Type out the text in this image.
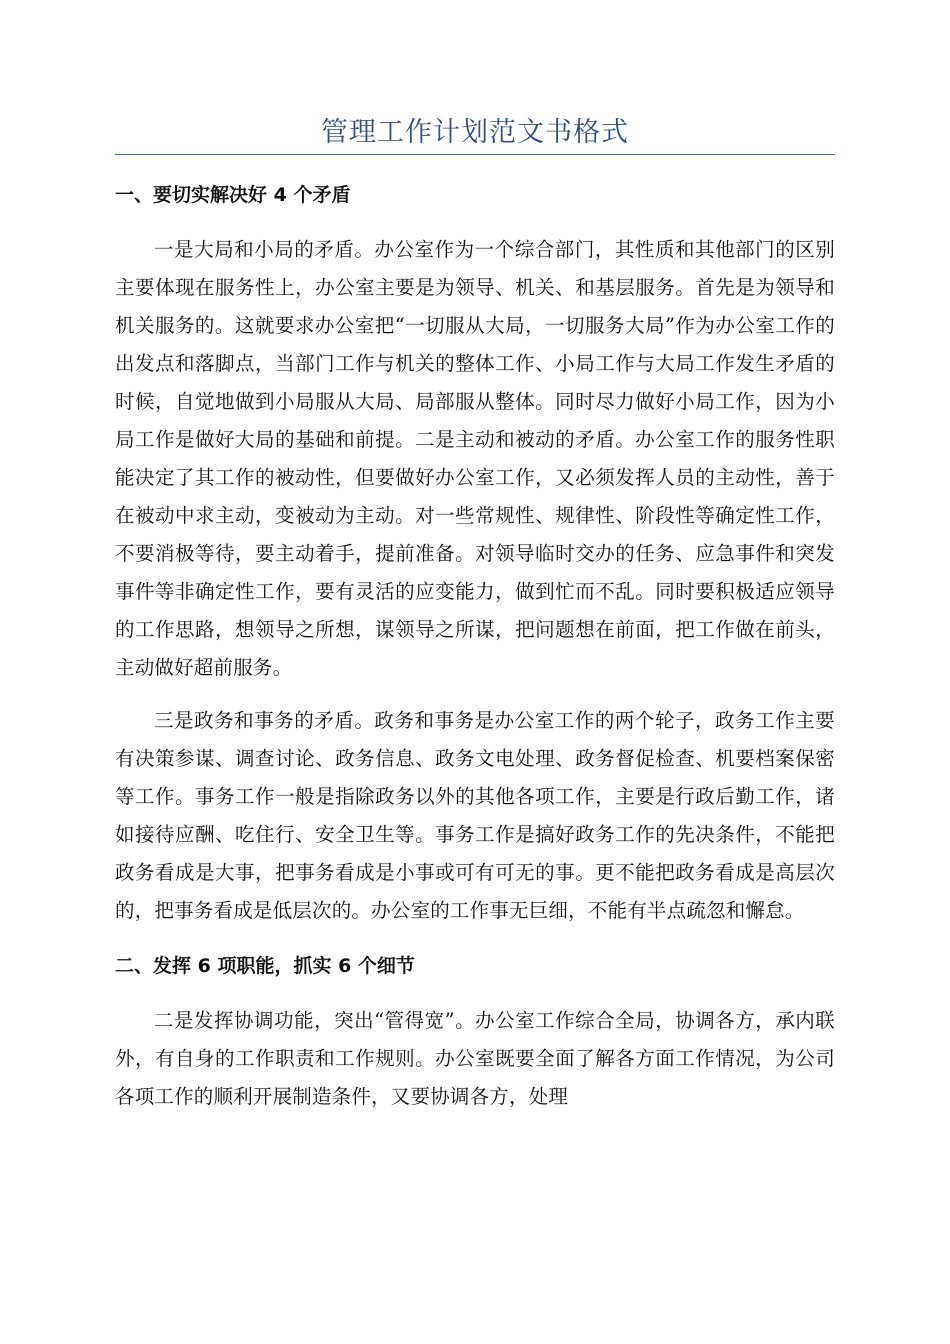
管理工作计划范文书格式
一、要切实解决好 4 个矛盾

一是大局和小局的矛盾。办公室作为一个综合部门，其性质和其他部门的区别主要体现在服务性上，办公室主要是为领导、机关、和基层服务。首先是为领导和机关服务的。这就要求办公室把“一切服从大局，一切服务大局”作为办公室工作的出发点和落脚点，当部门工作与机关的整体工作、小局工作与大局工作发生矛盾的时候，自觉地做到小局服从大局、局部服从整体。同时尽力做好小局工作，因为小局工作是做好大局的基础和前提。二是主动和被动的矛盾。办公室工作的服务性职能决定了其工作的被动性，但要做好办公室工作，又必须发挥人员的主动性，善于在被动中求主动，变被动为主动。对一些常规性、规律性、阶段性等确定性工作，不要消极等待，要主动着手，提前准备。对领导临时交办的任务、应急事件和突发事件等非确定性工作，要有灵活的应变能力，做到忙而不乱。同时要积极适应领导的工作思路，想领导之所想，谋领导之所谋，把问题想在前面，把工作做在前头，主动做好超前服务。

三是政务和事务的矛盾。政务和事务是办公室工作的两个轮子，政务工作主要有决策参谋、调查讨论、政务信息、政务文电处理、政务督促检查、机要档案保密等工作。事务工作一般是指除政务以外的其他各项工作，主要是行政后勤工作，诸如接待应酬、吃住行、安全卫生等。事务工作是搞好政务工作的先决条件，不能把政务看成是大事，把事务看成是小事或可有可无的事。更不能把政务看成是高层次的，把事务看成是低层次的。办公室的工作事无巨细，不能有半点疏忽和懈怠。

二、发挥 6 项职能，抓实 6 个细节

二是发挥协调功能，突出“管得宽”。办公室工作综合全局，协调各方，承内联外，有自身的工作职责和工作规则。办公室既要全面了解各方面工作情况，为公司各项工作的顺利开展制造条件，又要协调各方，处理
